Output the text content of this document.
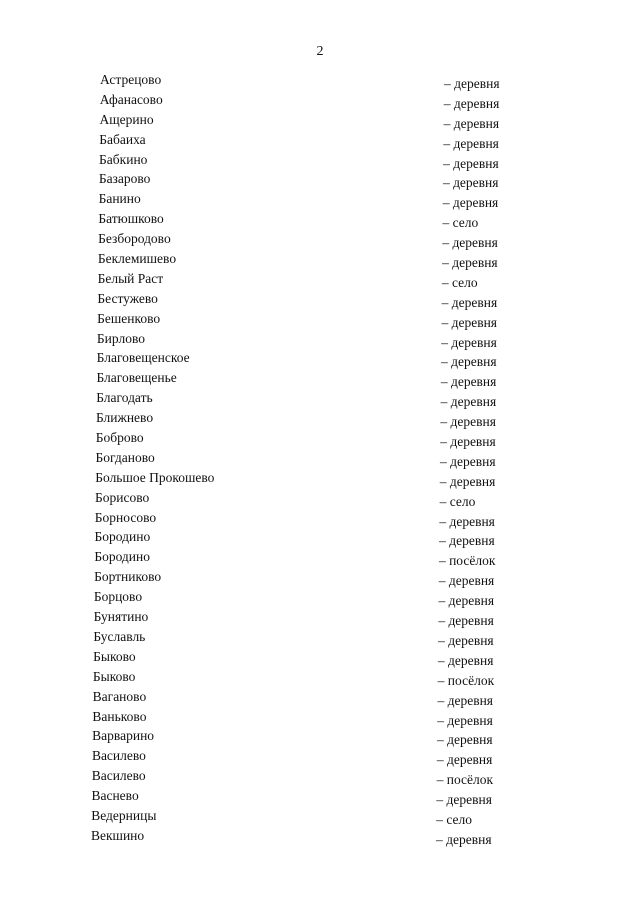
2
Астрецово	– деревня
Афанасово	– деревня
Ащерино	– деревня
Бабаиха	– деревня
Бабкино	– деревня
Базарово	– деревня
Банино	– деревня
Батюшково	– село
Безбородово	– деревня
Беклемишево	– деревня
Белый Раст	– село
Бестужево	– деревня
Бешенково	– деревня
Бирлово	– деревня
Благовещенское	– деревня
Благовещенье	– деревня
Благодать	– деревня
Ближнево	– деревня
Боброво	– деревня
Богданово	– деревня
Большое Прокошево	– деревня
Борисово	– село
Борносово	– деревня
Бородино	– деревня
Бородино	– посёлок
Бортниково	– деревня
Борцово	– деревня
Бунятино	– деревня
Буславль	– деревня
Быково	– деревня
Быково	– посёлок
Ваганово	– деревня
Ваньково	– деревня
Варварино	– деревня
Василево	– деревня
Василево	– посёлок
Васнево	– деревня
Ведерницы	– село
Векшино	– деревня
